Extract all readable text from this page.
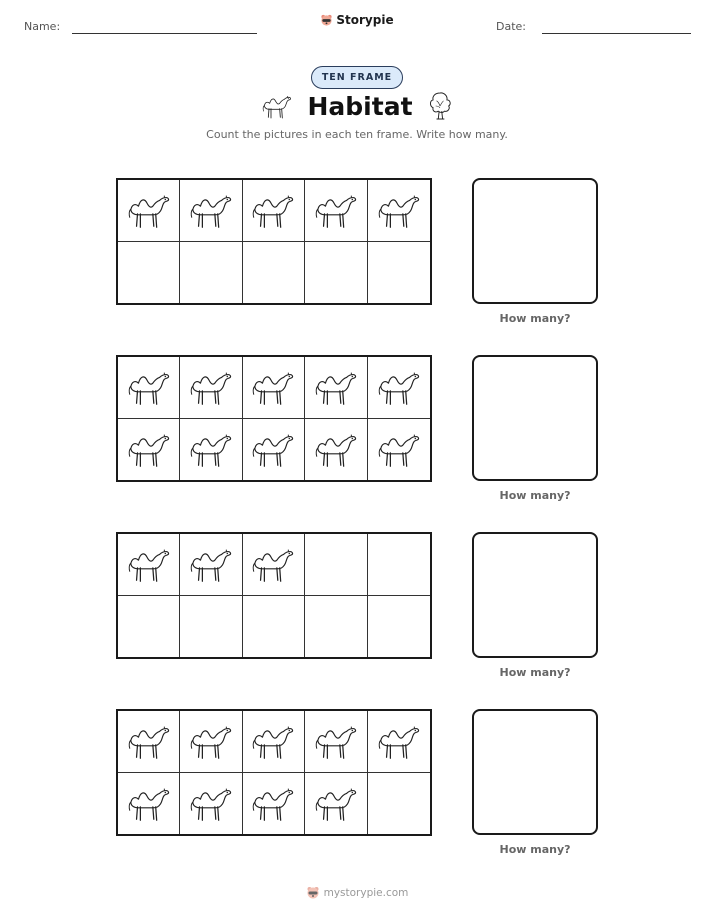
Name:	Storypie	Date:
TEN FRAME
Habitat
Count the pictures in each ten frame. Write how many.
How many?
How many?
How many?
How many?
mystorypie.com
